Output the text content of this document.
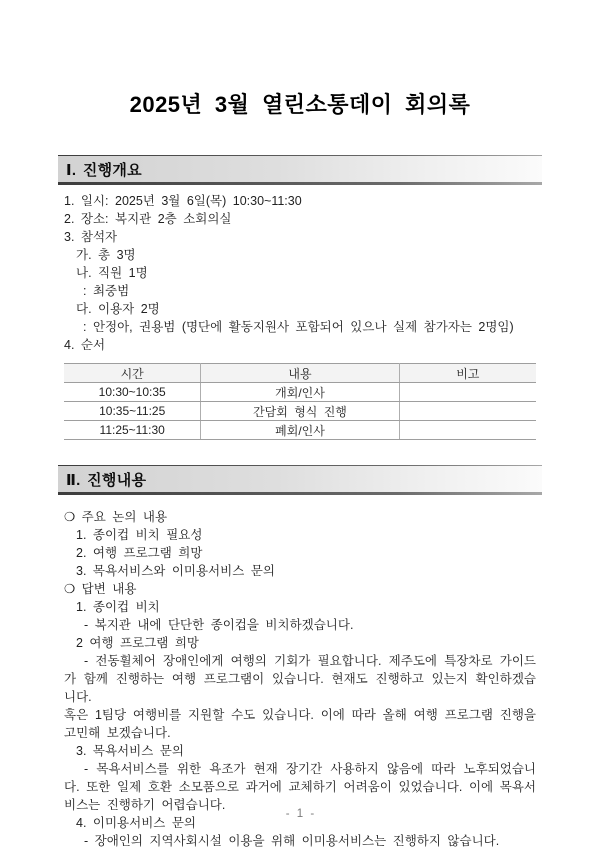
2025년 3월 열린소통데이 회의록
Ⅰ. 진행개요
1. 일시: 2025년 3월 6일(목) 10:30~11:30
2. 장소: 복지관 2층 소회의실
3. 참석자
가. 총 3명
나. 직원 1명
: 최중범
다. 이용자 2명
: 안정아, 권용범 (명단에 활동지원사 포함되어 있으나 실제 참가자는 2명임)
4. 순서
시간	내용	비고
10:30~10:35	개회/인사	
10:35~11:25	간담회 형식 진행	
11:25~11:30	폐회/인사	
Ⅱ. 진행내용
❍ 주요 논의 내용
1. 종이컵 비치 필요성
2. 여행 프로그램 희망
3. 목욕서비스와 이미용서비스 문의
❍ 답변 내용
1. 종이컵 비치
- 복지관 내에 단단한 종이컵을 비치하겠습니다.
2 여행 프로그램 희망
- 전동휠체어 장애인에게 여행의 기회가 필요합니다. 제주도에 특장차로 가이드가 함께 진행하는 여행 프로그램이 있습니다. 현재도 진행하고 있는지 확인하겠습니다.
혹은 1팀당 여행비를 지원할 수도 있습니다. 이에 따라 올해 여행 프로그램 진행을 고민해 보겠습니다.
3. 목욕서비스 문의
- 목욕서비스를 위한 욕조가 현재 장기간 사용하지 않음에 따라 노후되었습니다. 또한 일제 호환 소모품으로 과거에 교체하기 어려움이 있었습니다. 이에 목욕서비스는 진행하기 어렵습니다.
4. 이미용서비스 문의
- 장애인의 지역사회시설 이용을 위해 이미용서비스는 진행하지 않습니다.
- 1 -
